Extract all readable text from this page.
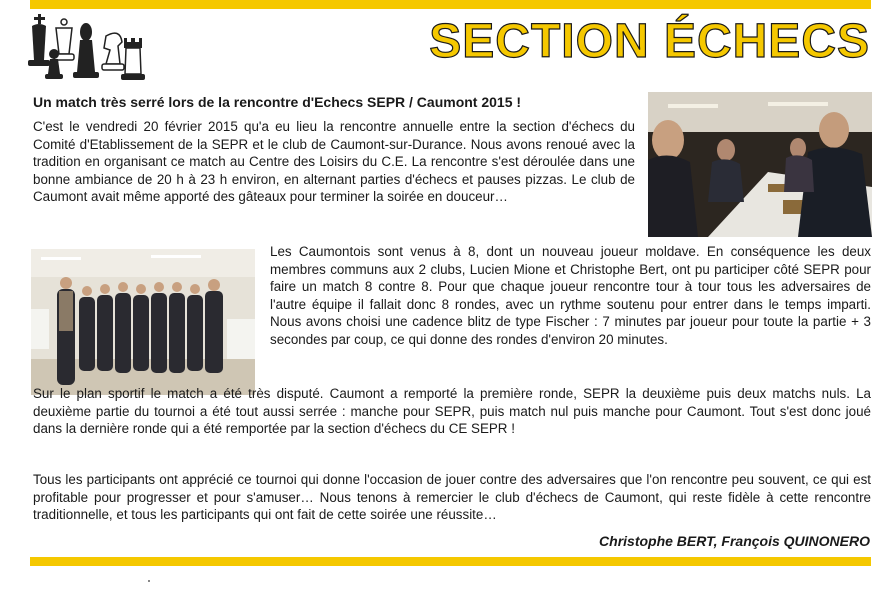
SECTION ÉCHECS
Un match très serré lors de la rencontre d'Echecs SEPR / Caumont 2015 !

C'est le vendredi 20 février 2015 qu'a eu lieu la rencontre annuelle entre la section d'échecs du Comité d'Etablissement de la SEPR et le club de Caumont-sur-Durance. Nous avons renoué avec la tradition en organisant ce match au Centre des Loisirs du C.E. La rencontre s'est déroulée dans une bonne ambiance de 20 h à 23 h environ, en alternant parties d'échecs et pauses pizzas. Le club de Caumont avait même apporté des gâteaux pour terminer la soirée en douceur…

Les Caumontois sont venus à 8, dont un nouveau joueur moldave. En conséquence les deux membres communs aux 2 clubs, Lucien Mione et Christophe Bert, ont pu participer côté SEPR pour faire un match 8 contre 8. Pour que chaque joueur rencontre tour à tour tous les adversaires de l'autre équipe il fallait donc 8 rondes, avec un rythme soutenu pour entrer dans le temps imparti. Nous avons choisi une cadence blitz de type Fischer : 7 minutes par joueur pour toute la partie + 3 secondes par coup, ce qui donne des rondes d'environ 20 minutes.

Sur le plan sportif le match a été très disputé. Caumont a remporté la première ronde, SEPR la deuxième puis deux matchs nuls. La deuxième partie du tournoi a été tout aussi serrée : manche pour SEPR, puis match nul puis manche pour Caumont. Tout s'est donc joué dans la dernière ronde qui a été remportée par la section d'échecs du CE SEPR !

Tous les participants ont apprécié ce tournoi qui donne l'occasion de jouer contre des adversaires que l'on rencontre peu souvent, ce qui est profitable pour progresser et pour s'amuser… Nous tenons à remercier le club d'échecs de Caumont, qui reste fidèle à cette rencontre traditionnelle, et tous les participants qui ont fait de cette soirée une réussite…

Christophe BERT, François QUINONERO
